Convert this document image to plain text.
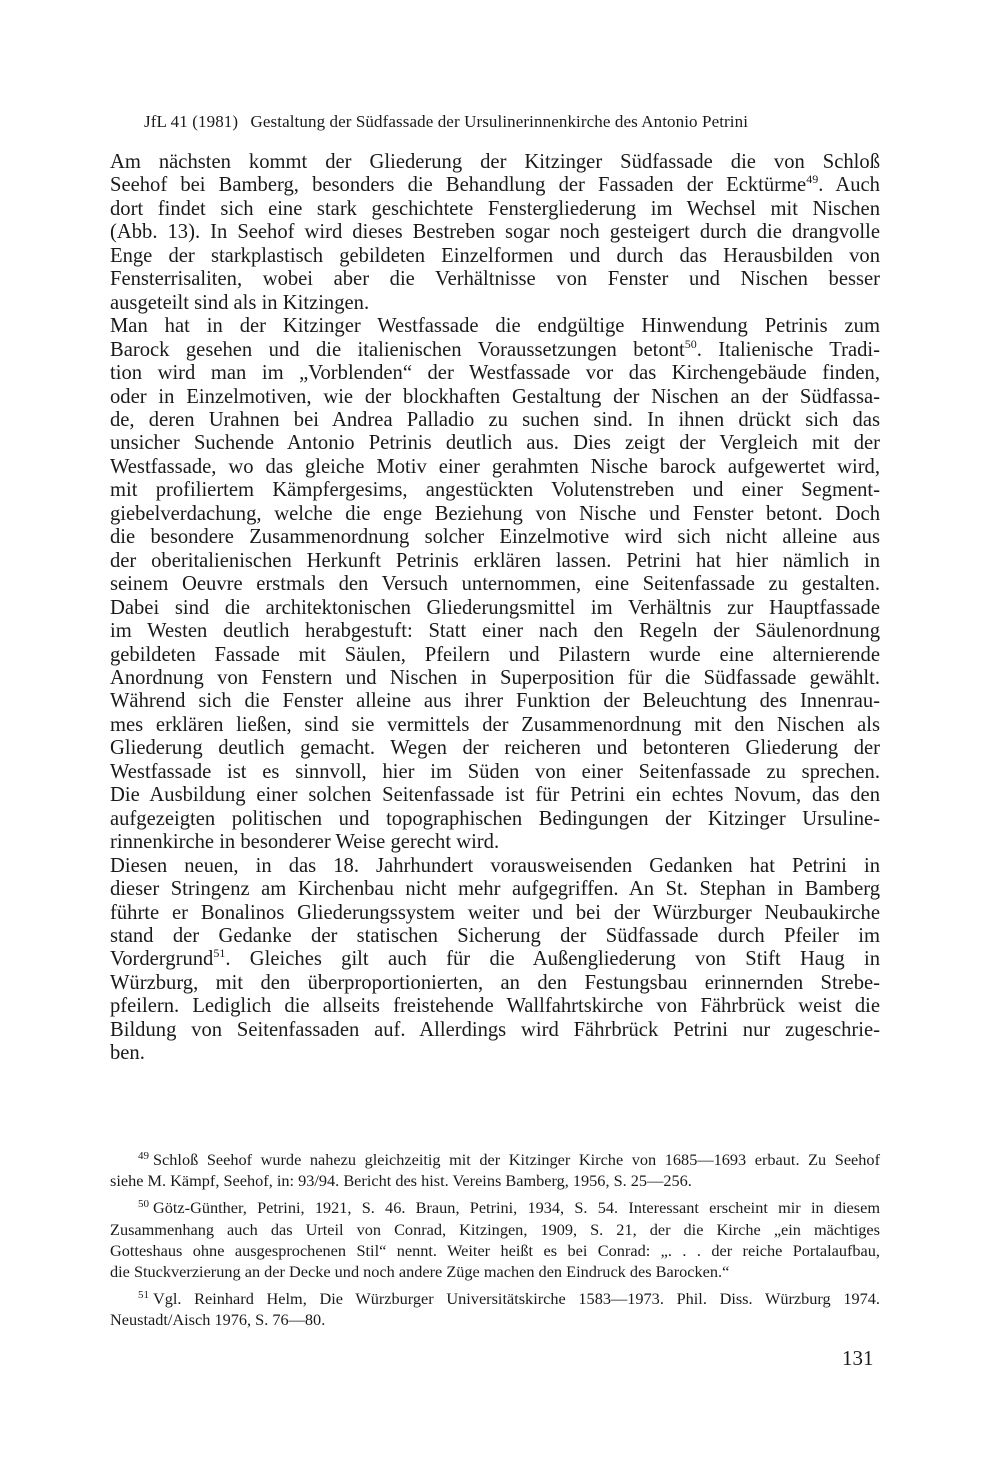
JfL 41 (1981) Gestaltung der Südfassade der Ursulinerinnenkirche des Antonio Petrini

Am nächsten kommt der Gliederung der Kitzinger Südfassade die von Schloß
Seehof bei Bamberg, besonders die Behandlung der Fassaden der Ecktürme$^{49}$. Auch
dort findet sich eine stark geschichtete Fenstergliederung im Wechsel mit Nischen
(Abb. 13). In Seehof wird dieses Bestreben sogar noch gesteigert durch die drangvolle
Enge der starkplastisch gebildeten Einzelformen und durch das Herausbilden von
Fensterrisaliten, wobei aber die Verhältnisse von Fenster und Nischen besser
ausgeteilt sind als in Kitzingen.

Man hat in der Kitzinger Westfassade die endgültige Hinwendung Petrinis zum
Barock gesehen und die italienischen Voraussetzungen betont$^{50}$. Italienische Tradi-
tion wird man im „Vorblenden“ der Westfassade vor das Kirchengebäude finden,
oder in Einzelmotiven, wie der blockhaften Gestaltung der Nischen an der Südfassa-
de, deren Urahnen bei Andrea Palladio zu suchen sind. In ihnen drückt sich das
unsicher Suchende Antonio Petrinis deutlich aus. Dies zeigt der Vergleich mit der
Westfassade, wo das gleiche Motiv einer gerahmten Nische barock aufgewertet wird,
mit profiliertem Kämpfergesims, angestückten Volutenstreben und einer Segment-
giebelverdachung, welche die enge Beziehung von Nische und Fenster betont. Doch
die besondere Zusammenordnung solcher Einzelmotive wird sich nicht alleine aus
der oberitalienischen Herkunft Petrinis erklären lassen. Petrini hat hier nämlich in
seinem Oeuvre erstmals den Versuch unternommen, eine Seitenfassade zu gestalten.
Dabei sind die architektonischen Gliederungsmittel im Verhältnis zur Hauptfassade
im Westen deutlich herabgestuft: Statt einer nach den Regeln der Säulenordnung
gebildeten Fassade mit Säulen, Pfeilern und Pilastern wurde eine alternierende
Anordnung von Fenstern und Nischen in Superposition für die Südfassade gewählt.
Während sich die Fenster alleine aus ihrer Funktion der Beleuchtung des Innenrau-
mes erklären ließen, sind sie vermittels der Zusammenordnung mit den Nischen als
Gliederung deutlich gemacht. Wegen der reicheren und betonteren Gliederung der
Westfassade ist es sinnvoll, hier im Süden von einer Seitenfassade zu sprechen.
Die Ausbildung einer solchen Seitenfassade ist für Petrini ein echtes Novum, das den
aufgezeigten politischen und topographischen Bedingungen der Kitzinger Ursuline-
rinnenkirche in besonderer Weise gerecht wird.

Diesen neuen, in das 18. Jahrhundert vorausweisenden Gedanken hat Petrini in
dieser Stringenz am Kirchenbau nicht mehr aufgegriffen. An St. Stephan in Bamberg
führte er Bonalinos Gliederungssystem weiter und bei der Würzburger Neubaukirche
stand der Gedanke der statischen Sicherung der Südfassade durch Pfeiler im
Vordergrund$^{51}$. Gleiches gilt auch für die Außengliederung von Stift Haug in
Würzburg, mit den überproportionierten, an den Festungsbau erinnernden Strebe-
pfeilern. Lediglich die allseits freistehende Wallfahrtskirche von Fährbrück weist die
Bildung von Seitenfassaden auf. Allerdings wird Fährbrück Petrini nur zugeschrie-
ben.

$^{49}$ Schloß Seehof wurde nahezu gleichzeitig mit der Kitzinger Kirche von 1685—1693 erbaut. Zu Seehof
siehe M. Kämpf, Seehof, in: 93/94. Bericht des hist. Vereins Bamberg, 1956, S. 25—256.
$^{50}$ Götz-Günther, Petrini, 1921, S. 46. Braun, Petrini, 1934, S. 54. Interessant erscheint mir in diesem
Zusammenhang auch das Urteil von Conrad, Kitzingen, 1909, S. 21, der die Kirche „ein mächtiges
Gotteshaus ohne ausgesprochenen Stil“ nennt. Weiter heißt es bei Conrad: „. . . der reiche Portalaufbau,
die Stuckverzierung an der Decke und noch andere Züge machen den Eindruck des Barocken.“
$^{51}$ Vgl. Reinhard Helm, Die Würzburger Universitätskirche 1583—1973. Phil. Diss. Würzburg 1974.
Neustadt/Aisch 1976, S. 76—80.
131
